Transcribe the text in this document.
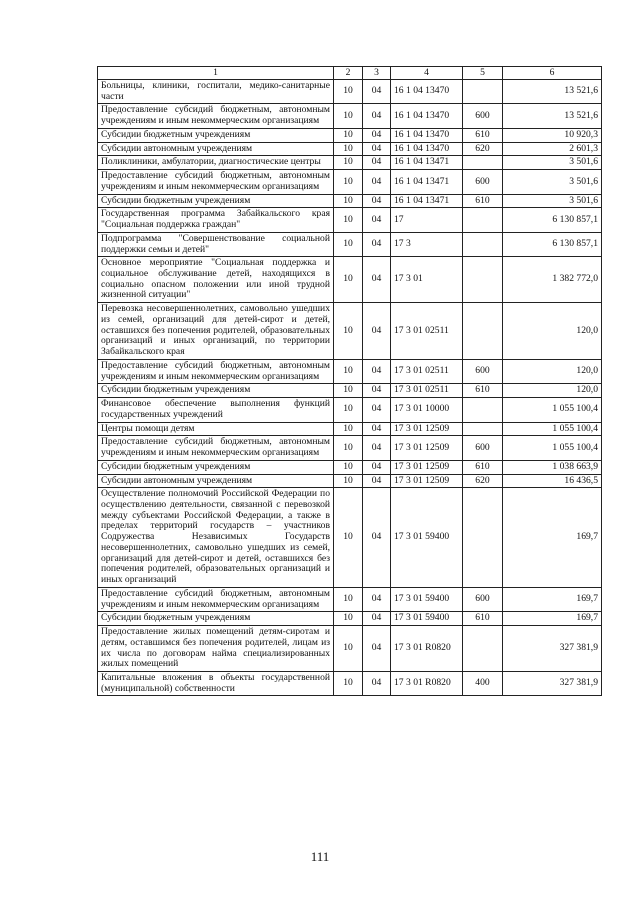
1	2	3	4	5	6
Больницы, клиники, госпитали, медико-санитарные части	10	04	16 1 04 13470		13 521,6
Предоставление субсидий бюджетным, автономным учреждениям и иным некоммерческим организациям	10	04	16 1 04 13470	600	13 521,6
Субсидии бюджетным учреждениям	10	04	16 1 04 13470	610	10 920,3
Субсидии автономным учреждениям	10	04	16 1 04 13470	620	2 601,3
Поликлиники, амбулатории, диагностические центры	10	04	16 1 04 13471		3 501,6
Предоставление субсидий бюджетным, автономным учреждениям и иным некоммерческим организациям	10	04	16 1 04 13471	600	3 501,6
Субсидии бюджетным учреждениям	10	04	16 1 04 13471	610	3 501,6
Государственная программа Забайкальского края "Социальная поддержка граждан"	10	04	17		6 130 857,1
Подпрограмма "Совершенствование социальной поддержки семьи и детей"	10	04	17 3		6 130 857,1
Основное мероприятие "Социальная поддержка и социальное обслуживание детей, находящихся в социально опасном положении или иной трудной жизненной ситуации"	10	04	17 3 01		1 382 772,0
Перевозка несовершеннолетних, самовольно ушедших из семей, организаций для детей-сирот и детей, оставшихся без попечения родителей, образовательных организаций и иных организаций, по территории Забайкальского края	10	04	17 3 01 02511		120,0
Предоставление субсидий бюджетным, автономным учреждениям и иным некоммерческим организациям	10	04	17 3 01 02511	600	120,0
Субсидии бюджетным учреждениям	10	04	17 3 01 02511	610	120,0
Финансовое обеспечение выполнения функций государственных учреждений	10	04	17 3 01 10000		1 055 100,4
Центры помощи детям	10	04	17 3 01 12509		1 055 100,4
Предоставление субсидий бюджетным, автономным учреждениям и иным некоммерческим организациям	10	04	17 3 01 12509	600	1 055 100,4
Субсидии бюджетным учреждениям	10	04	17 3 01 12509	610	1 038 663,9
Субсидии автономным учреждениям	10	04	17 3 01 12509	620	16 436,5
Осуществление полномочий Российской Федерации по осуществлению деятельности, связанной с перевозкой между субъектами Российской Федерации, а также в пределах территорий государств – участников Содружества Независимых Государств несовершеннолетних, самовольно ушедших из семей, организаций для детей-сирот и детей, оставшихся без попечения родителей, образовательных организаций и иных организаций	10	04	17 3 01 59400		169,7
Предоставление субсидий бюджетным, автономным учреждениям и иным некоммерческим организациям	10	04	17 3 01 59400	600	169,7
Субсидии бюджетным учреждениям	10	04	17 3 01 59400	610	169,7
Предоставление жилых помещений детям-сиротам и детям, оставшимся без попечения родителей, лицам из их числа по договорам найма специализированных жилых помещений	10	04	17 3 01 R0820		327 381,9
Капитальные вложения в объекты государственной (муниципальной) собственности	10	04	17 3 01 R0820	400	327 381,9
111
